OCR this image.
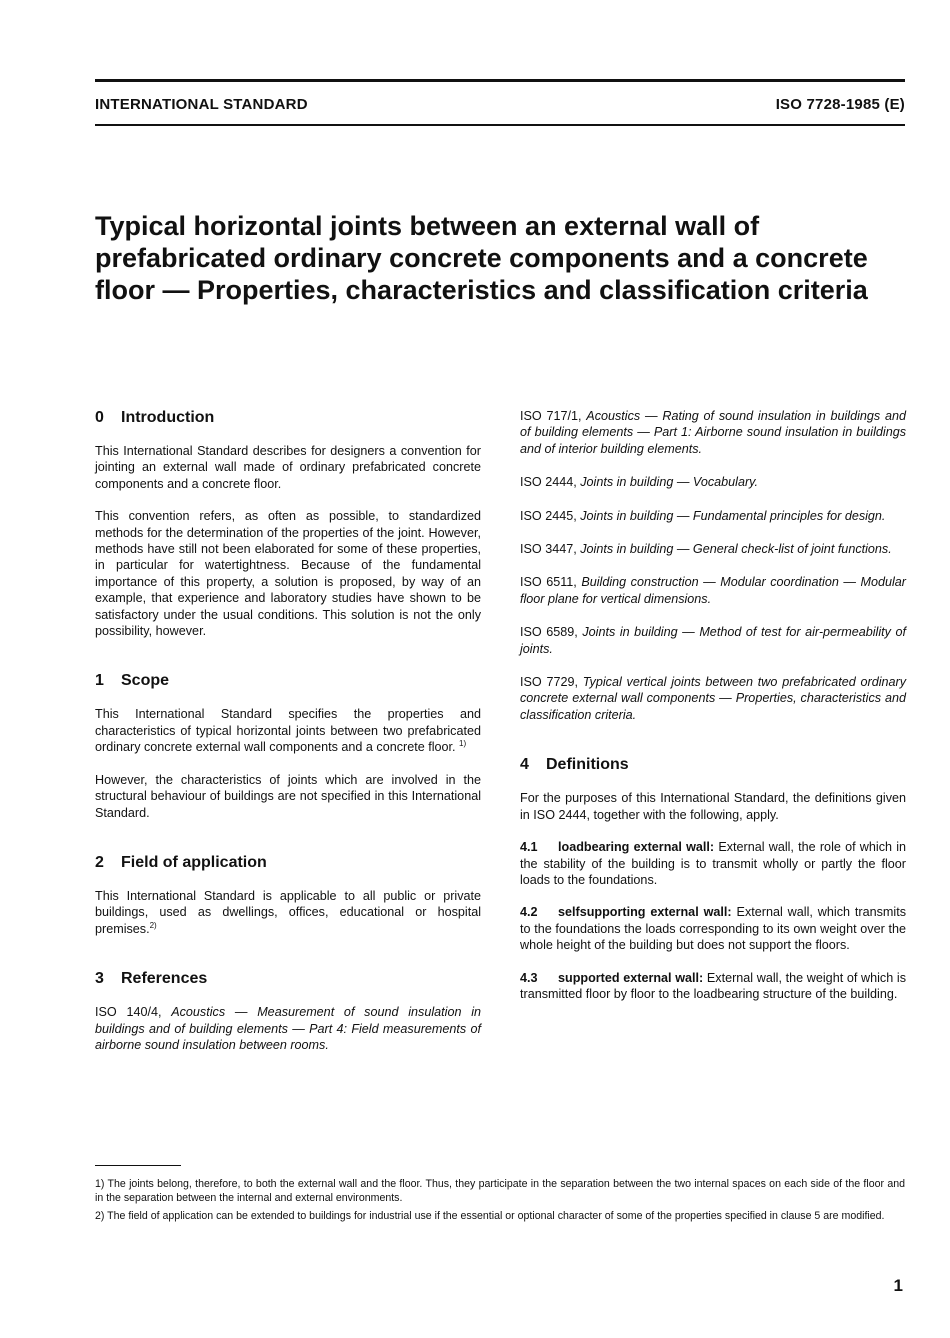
INTERNATIONAL STANDARD	ISO 7728-1985 (E)
Typical horizontal joints between an external wall of prefabricated ordinary concrete components and a concrete floor — Properties, characteristics and classification criteria
0 Introduction

This International Standard describes for designers a convention for jointing an external wall made of ordinary prefabricated concrete components and a concrete floor.

This convention refers, as often as possible, to standardized methods for the determination of the properties of the joint. However, methods have still not been elaborated for some of these properties, in particular for watertightness. Because of the fundamental importance of this property, a solution is proposed, by way of an example, that experience and laboratory studies have shown to be satisfactory under the usual conditions. This solution is not the only possibility, however.

1 Scope

This International Standard specifies the properties and characteristics of typical horizontal joints between two prefabricated ordinary concrete external wall components and a concrete floor. $^{1)}$

However, the characteristics of joints which are involved in the structural behaviour of buildings are not specified in this International Standard.

2 Field of application

This International Standard is applicable to all public or private buildings, used as dwellings, offices, educational or hospital premises.$^{2)}$

3 References

ISO 140/4, Acoustics — Measurement of sound insulation in buildings and of building elements — Part 4: Field measurements of airborne sound insulation between rooms.

ISO 717/1, Acoustics — Rating of sound insulation in buildings and of building elements — Part 1: Airborne sound insulation in buildings and of interior building elements.

ISO 2444, Joints in building — Vocabulary.

ISO 2445, Joints in building — Fundamental principles for design.

ISO 3447, Joints in building — General check-list of joint functions.

ISO 6511, Building construction — Modular coordination — Modular floor plane for vertical dimensions.

ISO 6589, Joints in building — Method of test for air-permeability of joints.

ISO 7729, Typical vertical joints between two prefabricated ordinary concrete external wall components — Properties, characteristics and classification criteria.

4 Definitions

For the purposes of this International Standard, the definitions given in ISO 2444, together with the following, apply.

4.1 loadbearing external wall: External wall, the role of which in the stability of the building is to transmit wholly or partly the floor loads to the foundations.

4.2 selfsupporting external wall: External wall, which transmits to the foundations the loads corresponding to its own weight over the whole height of the building but does not support the floors.

4.3 supported external wall: External wall, the weight of which is transmitted floor by floor to the loadbearing structure of the building.

1) The joints belong, therefore, to both the external wall and the floor. Thus, they participate in the separation between the two internal spaces on each side of the floor and in the separation between the internal and external environments.

2) The field of application can be extended to buildings for industrial use if the essential or optional character of some of the properties specified in clause 5 are modified.

1
